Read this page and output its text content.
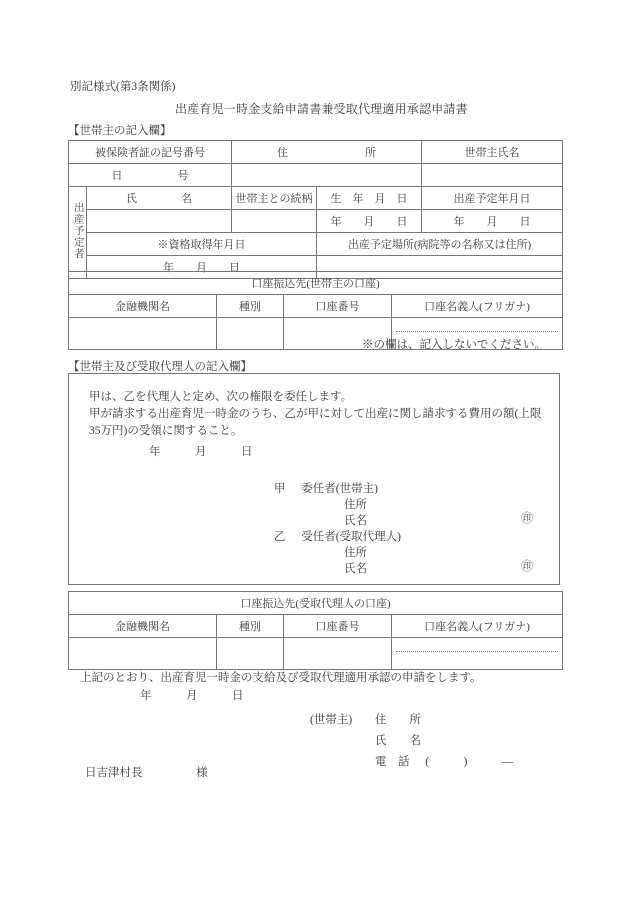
別記様式(第3条関係)
出産育児一時金支給申請書兼受取代理適用承認申請書
【世帯主の記入欄】
被保険者証の記号番号		住　　　　　　　所		世帯主氏名
日　　　　　号				
出産予定者	氏　　　　名	世帯主との続柄	生　年　月　日	出産予定年月日
			年　　月　　日	年　　月　　日
	※資格取得年月日		出産予定場所(病院等の名称又は住所)	
	年　　月　　日			
口座振込先(世帯主の口座)			
金融機関名	種別	口座番号	口座名義人(フリガナ)

※の欄は、記入しないでください。
【世帯主及び受取代理人の記入欄】
甲は、乙を代理人と定め、次の権限を委任します。
甲が請求する出産育児一時金のうち、乙が甲に対して出産に関し請求する費用の額(上限35万円)の受領に関すること。
年　　　月　　　日
甲 委任者(世帯主)
住所
氏名	㊞
乙 受任者(受取代理人)
住所
氏名	㊞
口座振込先(受取代理人の口座)			
金融機関名	種別	口座番号	口座名義人(フリガナ)

上記のとおり、出産育児一時金の支給及び受取代理適用承認の申請をします。
年　　　月　　　日
(世帯主) 住　　所
氏　　名
電　話 (　　　)　　　―
日吉津村長	様
